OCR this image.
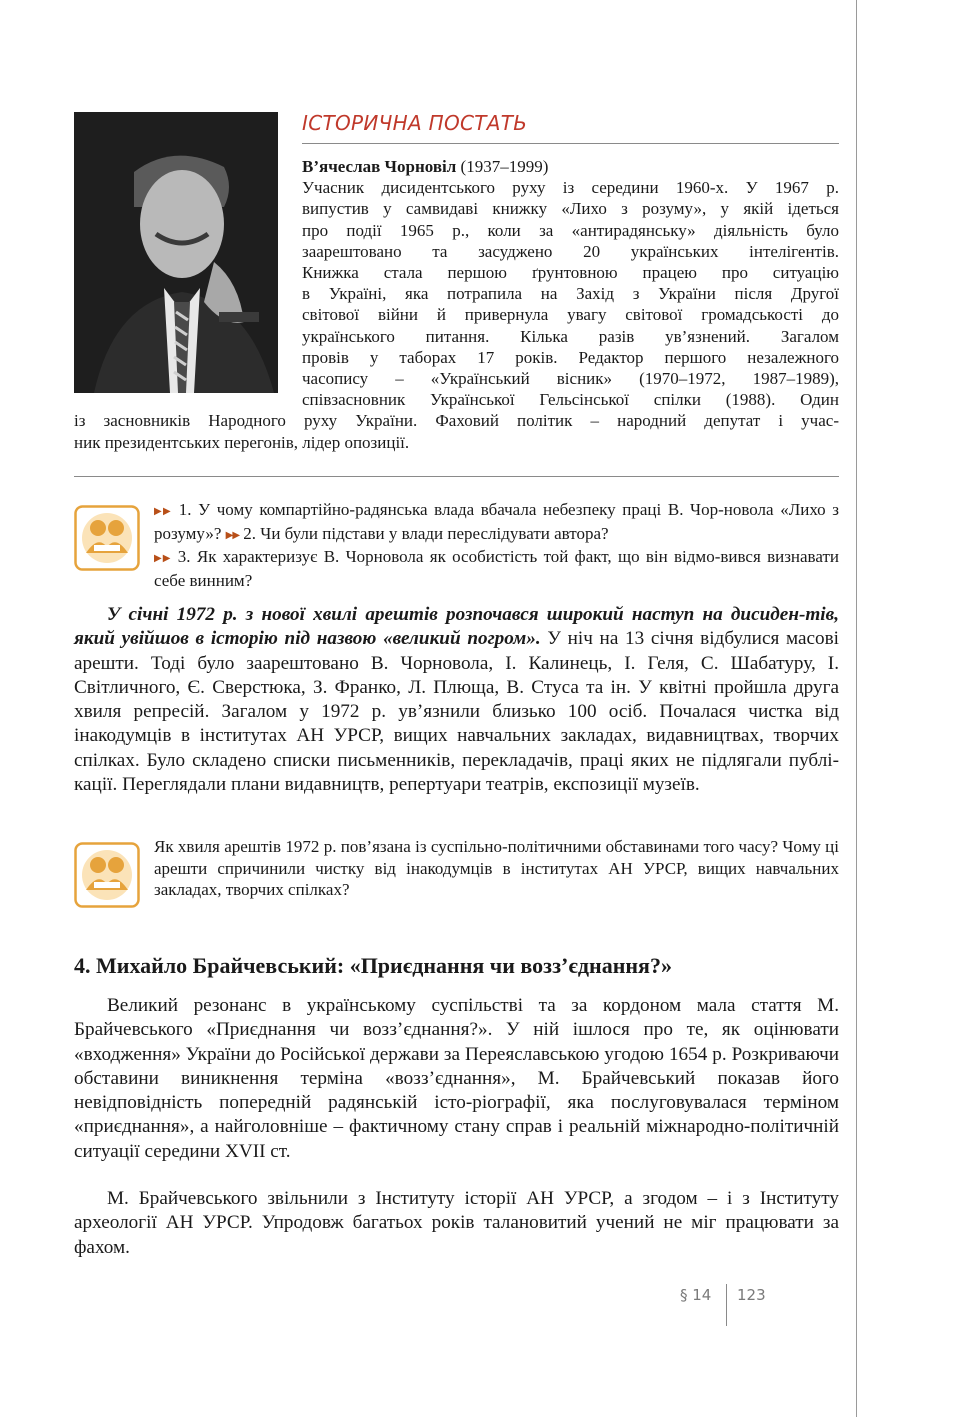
ІСТОРИЧНА ПОСТАТЬ

В’ячеслав Чорновіл (1937–1999)

Учасник дисидентського руху із середини 1960-х. У 1967 р.

випустив у самвидаві книжку «Лихо з розуму», у якій ідеться

про події 1965 р., коли за «антирадянську» діяльність було

заарештовано та засуджено 20 українських інтелігентів.

Книжка стала першою ґрунтовною працею про ситуацію

в Україні, яка потрапила на Захід з України після Другої

світової війни й привернула увагу світової громадськості до

українського питання. Кілька разів ув’язнений. Загалом

провів у таборах 17 років. Редактор першого незалежного

часопису – «Український вісник» (1970–1972, 1987–1989),

співзасновник Української Гельсінської спілки (1988). Один

із засновників Народного руху України. Фаховий політик – народний депутат і учас-

ник президентських перегонів, лідер опозиції.

▶▶ 1. У чому компартійно-радянська влада вбачала небезпеку праці В. Чор-новола «Лихо з розуму»? ▶▶ 2. Чи були підстави у влади переслідувати автора?
▶▶ 3. Як характеризує В. Чорновола як особистість той факт, що він відмо-вився визнавати себе винним?

У січні 1972 р. з нової хвилі арештів розпочався широкий наступ на дисиден-тів, який увійшов в історію під назвою «великий погром». У ніч на 13 січня відбулися масові арешти. Тоді було заарештовано В. Чорновола, І. Калинець, І. Геля, С. Шабатуру, І. Світличного, Є. Сверстюка, З. Франко, Л. Плюща, В. Стуса та ін. У квітні пройшла друга хвиля репресій. Загалом у 1972 р. ув’язнили близько 100 осіб. Почалася чистка від інакодумців в інститутах АН УРСР, вищих навчальних закладах, видавництвах, творчих спілках. Було складено списки письменників, перекладачів, праці яких не підлягали публі-кації. Переглядали плани видавництв, репертуари театрів, експозиції музеїв.

Як хвиля арештів 1972 р. пов’язана із суспільно-політичними обставинами того часу? Чому ці арешти спричинили чистку від інакодумців в інститутах АН УРСР, вищих навчальних закладах, творчих спілках?

4. Михайло Брайчевський: «Приєднання чи возз’єднання?»

Великий резонанс в українському суспільстві та за кордоном мала стаття М. Брайчевського «Приєднання чи возз’єднання?». У ній ішлося про те, як оцінювати «входження» України до Російської держави за Переяславською угодою 1654 р. Розкриваючи обставини виникнення терміна «возз’єднання», М. Брайчевський показав його невідповідність попередній радянській істо-ріографії, яка послуговувалася терміном «приєднання», а найголовніше – фактичному стану справ і реальній міжнародно-політичній ситуації середини XVII ст.

М. Брайчевського звільнили з Інституту історії АН УРСР, а згодом – і з Інституту археології АН УРСР. Упродовж багатьох років талановитий учений не міг працювати за фахом.

§ 14 123
